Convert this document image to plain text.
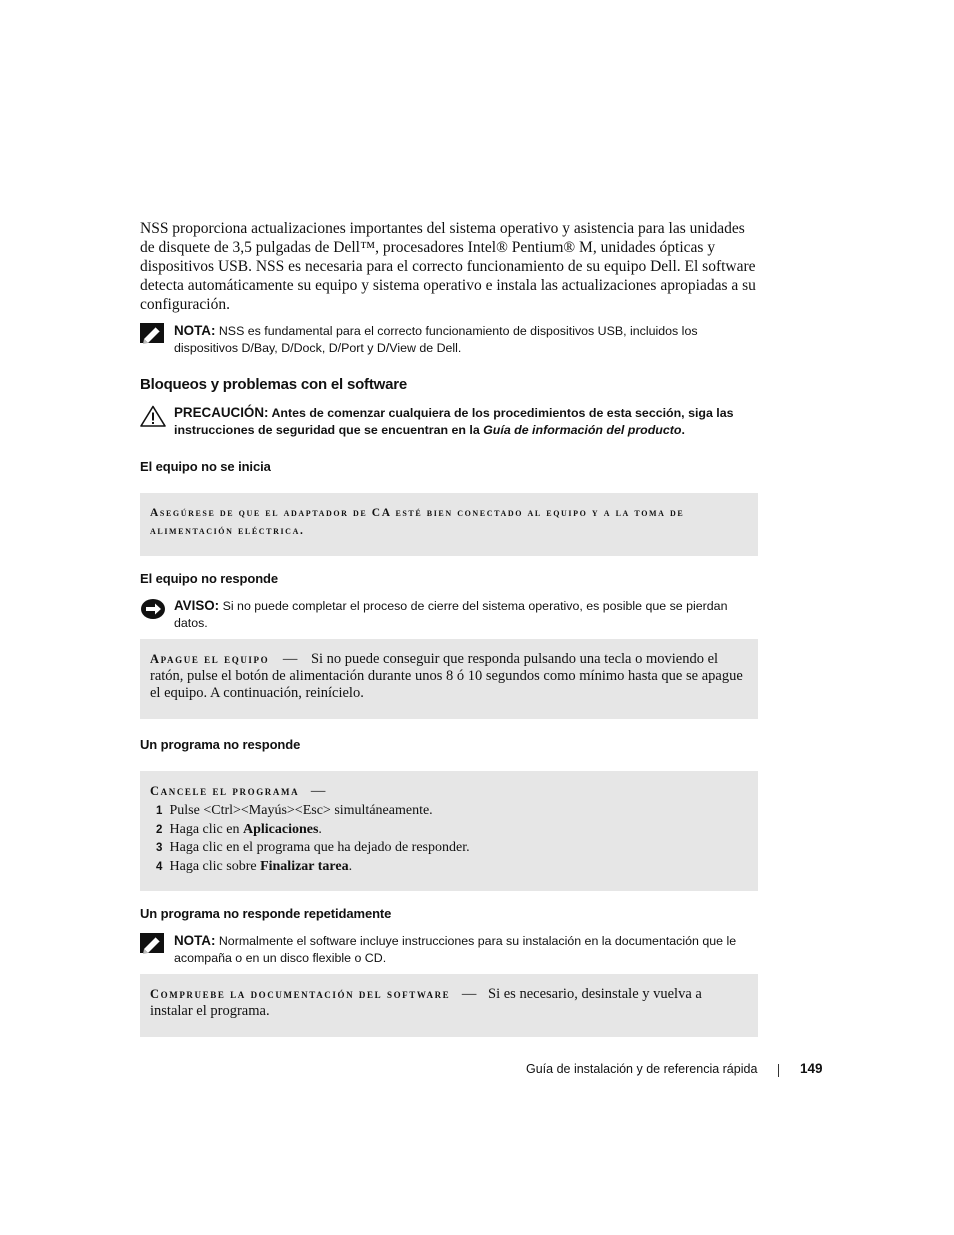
NSS proporciona actualizaciones importantes del sistema operativo y asistencia para las unidades de disquete de 3,5 pulgadas de Dell™, procesadores Intel® Pentium® M, unidades ópticas y dispositivos USB. NSS es necesaria para el correcto funcionamiento de su equipo Dell. El software detecta automáticamente su equipo y sistema operativo e instala las actualizaciones apropiadas a su configuración.
NOTA: NSS es fundamental para el correcto funcionamiento de dispositivos USB, incluidos los dispositivos D/Bay, D/Dock, D/Port y D/View de Dell.
Bloqueos y problemas con el software
PRECAUCIÓN: Antes de comenzar cualquiera de los procedimientos de esta sección, siga las instrucciones de seguridad que se encuentran en la Guía de información del producto.
El equipo no se inicia
Asegúrese de que el adaptador de CA esté bien conectado al equipo y a la toma de alimentación eléctrica.
El equipo no responde
AVISO: Si no puede completar el proceso de cierre del sistema operativo, es posible que se pierdan datos.
Apague el equipo — Si no puede conseguir que responda pulsando una tecla o moviendo el ratón, pulse el botón de alimentación durante unos 8 ó 10 segundos como mínimo hasta que se apague el equipo. A continuación, reinícielo.
Un programa no responde
Cancele el programa —
1 Pulse <Ctrl><Mayús><Esc> simultáneamente.
2 Haga clic en Aplicaciones.
3 Haga clic en el programa que ha dejado de responder.
4 Haga clic sobre Finalizar tarea.
Un programa no responde repetidamente
NOTA: Normalmente el software incluye instrucciones para su instalación en la documentación que le acompaña o en un disco flexible o CD.
Compruebe la documentación del software — Si es necesario, desinstale y vuelva a instalar el programa.
Guía de instalación y de referencia rápida	149
